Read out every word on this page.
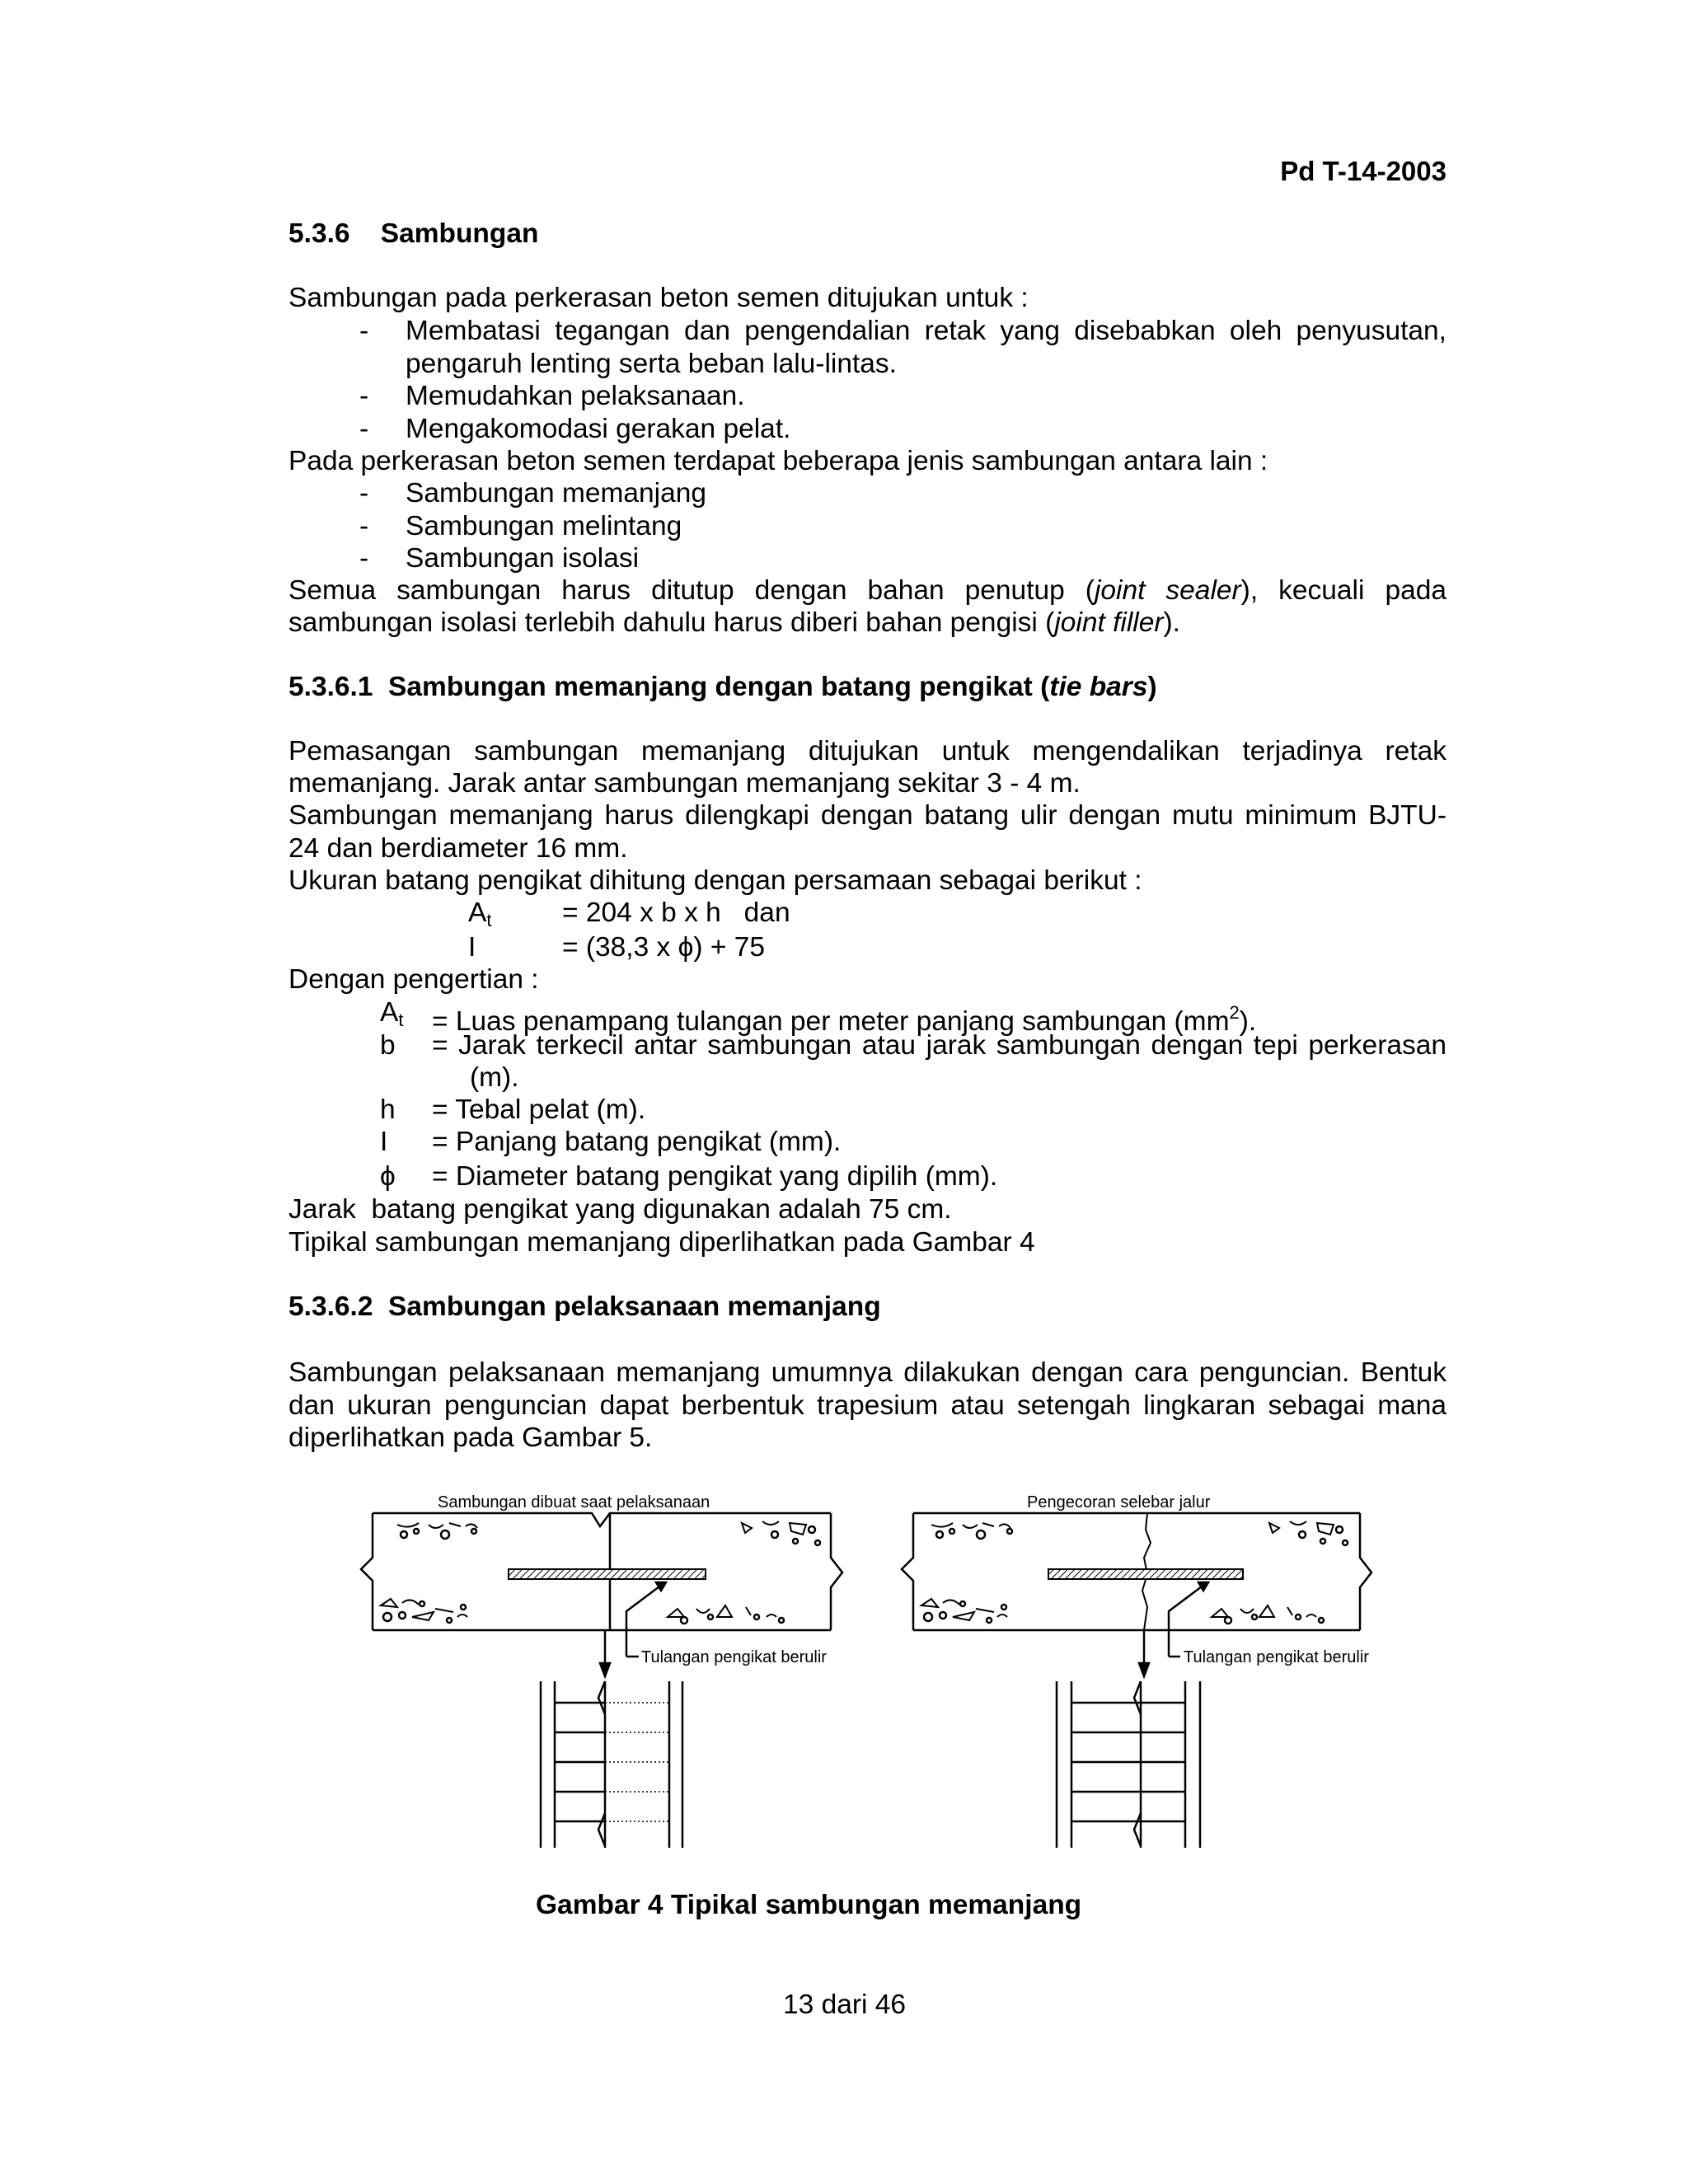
Pd T-14-2003
5.3.6    Sambungan
Sambungan pada perkerasan beton semen ditujukan untuk :
- Membatasi tegangan dan pengendalian retak yang disebabkan oleh penyusutan,
pengaruh lenting serta beban lalu-lintas.
- Memudahkan pelaksanaan.
- Mengakomodasi gerakan pelat.
Pada perkerasan beton semen terdapat beberapa jenis sambungan antara lain :
- Sambungan memanjang
- Sambungan melintang
- Sambungan isolasi
Semua sambungan harus ditutup dengan bahan penutup (joint sealer), kecuali pada
sambungan isolasi terlebih dahulu harus diberi bahan pengisi (joint filler).
5.3.6.1  Sambungan memanjang dengan batang pengikat (tie bars)
Pemasangan sambungan memanjang ditujukan untuk mengendalikan terjadinya retak
memanjang. Jarak antar sambungan memanjang sekitar 3 - 4 m.
Sambungan memanjang harus dilengkapi dengan batang ulir dengan mutu minimum BJTU-
24 dan berdiameter 16 mm.
Ukuran batang pengikat dihitung dengan persamaan sebagai berikut :
$A_t$	= 204 x b x h   dan
I	= (38,3 x ϕ) + 75
Dengan pengertian :
$A_t$ = Luas penampang tulangan per meter panjang sambungan $(mm^2)$.
b = Jarak terkecil antar sambungan atau jarak sambungan dengan tepi perkerasan
(m).
h = Tebal pelat (m).
I = Panjang batang pengikat (mm).
ϕ = Diameter batang pengikat yang dipilih (mm).
Jarak  batang pengikat yang digunakan adalah 75 cm.
Tipikal sambungan memanjang diperlihatkan pada Gambar 4
5.3.6.2  Sambungan pelaksanaan memanjang
Sambungan pelaksanaan memanjang umumnya dilakukan dengan cara penguncian. Bentuk
dan ukuran penguncian dapat berbentuk trapesium atau setengah lingkaran sebagai mana
diperlihatkan pada Gambar 5.
Sambungan dibuat saat pelaksanaan
Tulangan pengikat berulir
Pengecoran selebar jalur
Tulangan pengikat berulir
Gambar 4 Tipikal sambungan memanjang
13 dari 46
